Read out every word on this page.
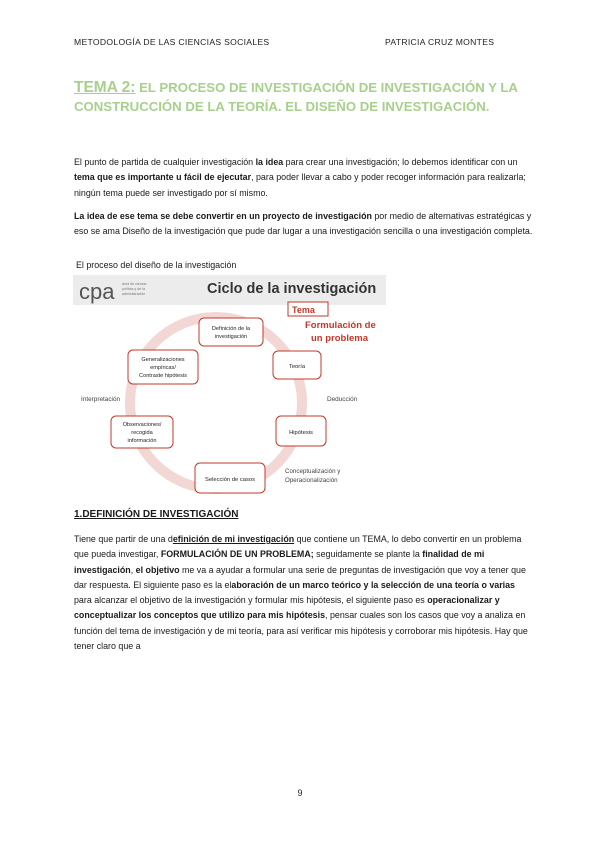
METODOLOGÍA DE LAS CIENCIAS SOCIALES	PATRICIA CRUZ MONTES
TEMA 2: EL PROCESO DE INVESTIGACIÓN DE INVESTIGACIÓN Y LA CONSTRUCCIÓN DE LA TEORÍA. EL DISEÑO DE INVESTIGACIÓN.
El punto de partida de cualquier investigación la idea para crear una investigación; lo debemos identificar con un tema que es importante u fácil de ejecutar, para poder llevar a cabo y poder recoger información para realizarla; ningún tema puede ser investigado por sí mismo.
La idea de ese tema se debe convertir en un proyecto de investigación por medio de alternativas estratégicas y eso se ama Diseño de la investigación que pude dar lugar a una investigación sencilla o una investigación completa.
El proceso del diseño de la investigación
cpa área de ciencia
política y de la
administración	Ciclo de la investigación
Tema
Formulación de
un problema
Definición de la
investigación
Teoría
Hipótesis
Selección de casos
Observaciones/
recogida
información
Generalizaciones
empíricas/
Contraste hipótesis
Deducción
Interpretación
Conceptualización y
Operacionalización
1.DEFINICIÓN DE INVESTIGACIÓN
Tiene que partir de una definición de mi investigación que contiene un TEMA, lo debo convertir en un problema que pueda investigar, FORMULACIÓN DE UN PROBLEMA; seguidamente se plante la finalidad de mi investigación, el objetivo me va a ayudar a formular una serie de preguntas de investigación que voy a tener que dar respuesta. El siguiente paso es la elaboración de un marco teórico y la selección de una teoría o varias para alcanzar el objetivo de la investigación y formular mis hipótesis, el siguiente paso es operacionalizar y conceptualizar los conceptos que utilizo para mis hipótesis, pensar cuales son los casos que voy a analiza en función del tema de investigación y de mi teoría, para así verificar mis hipótesis y corroborar mis hipótesis. Hay que tener claro que a
9
